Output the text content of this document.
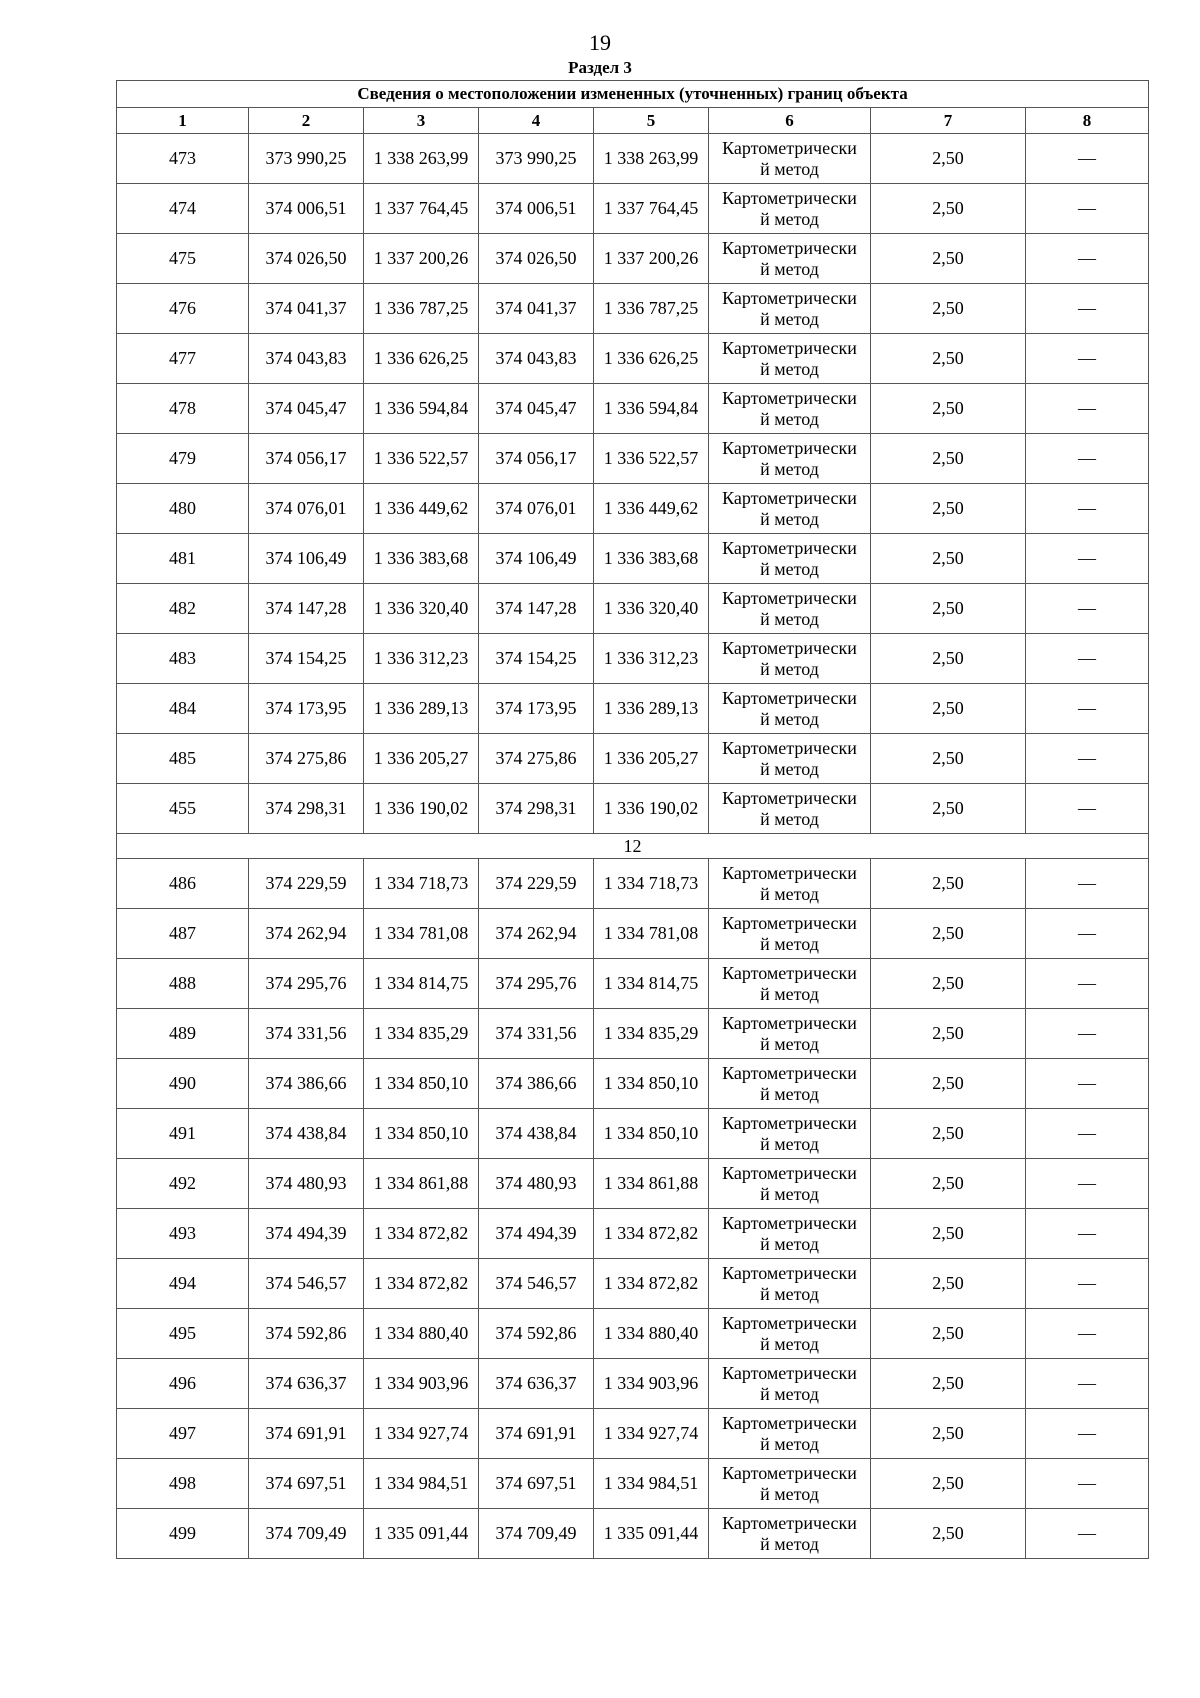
19
Раздел 3
Сведения о местоположении измененных (уточненных) границ объекта							
1	2	3	4	5	6	7	8
473	373 990,25	1 338 263,99	373 990,25	1 338 263,99	Картометрически
й метод	2,50	—
474	374 006,51	1 337 764,45	374 006,51	1 337 764,45	Картометрически
й метод	2,50	—
475	374 026,50	1 337 200,26	374 026,50	1 337 200,26	Картометрически
й метод	2,50	—
476	374 041,37	1 336 787,25	374 041,37	1 336 787,25	Картометрически
й метод	2,50	—
477	374 043,83	1 336 626,25	374 043,83	1 336 626,25	Картометрически
й метод	2,50	—
478	374 045,47	1 336 594,84	374 045,47	1 336 594,84	Картометрически
й метод	2,50	—
479	374 056,17	1 336 522,57	374 056,17	1 336 522,57	Картометрически
й метод	2,50	—
480	374 076,01	1 336 449,62	374 076,01	1 336 449,62	Картометрически
й метод	2,50	—
481	374 106,49	1 336 383,68	374 106,49	1 336 383,68	Картометрически
й метод	2,50	—
482	374 147,28	1 336 320,40	374 147,28	1 336 320,40	Картометрически
й метод	2,50	—
483	374 154,25	1 336 312,23	374 154,25	1 336 312,23	Картометрически
й метод	2,50	—
484	374 173,95	1 336 289,13	374 173,95	1 336 289,13	Картометрически
й метод	2,50	—
485	374 275,86	1 336 205,27	374 275,86	1 336 205,27	Картометрически
й метод	2,50	—
455	374 298,31	1 336 190,02	374 298,31	1 336 190,02	Картометрически
й метод	2,50	—
12							
486	374 229,59	1 334 718,73	374 229,59	1 334 718,73	Картометрически
й метод	2,50	—
487	374 262,94	1 334 781,08	374 262,94	1 334 781,08	Картометрически
й метод	2,50	—
488	374 295,76	1 334 814,75	374 295,76	1 334 814,75	Картометрически
й метод	2,50	—
489	374 331,56	1 334 835,29	374 331,56	1 334 835,29	Картометрически
й метод	2,50	—
490	374 386,66	1 334 850,10	374 386,66	1 334 850,10	Картометрически
й метод	2,50	—
491	374 438,84	1 334 850,10	374 438,84	1 334 850,10	Картометрически
й метод	2,50	—
492	374 480,93	1 334 861,88	374 480,93	1 334 861,88	Картометрически
й метод	2,50	—
493	374 494,39	1 334 872,82	374 494,39	1 334 872,82	Картометрически
й метод	2,50	—
494	374 546,57	1 334 872,82	374 546,57	1 334 872,82	Картометрически
й метод	2,50	—
495	374 592,86	1 334 880,40	374 592,86	1 334 880,40	Картометрически
й метод	2,50	—
496	374 636,37	1 334 903,96	374 636,37	1 334 903,96	Картометрически
й метод	2,50	—
497	374 691,91	1 334 927,74	374 691,91	1 334 927,74	Картометрически
й метод	2,50	—
498	374 697,51	1 334 984,51	374 697,51	1 334 984,51	Картометрически
й метод	2,50	—
499	374 709,49	1 335 091,44	374 709,49	1 335 091,44	Картометрически
й метод	2,50	—
